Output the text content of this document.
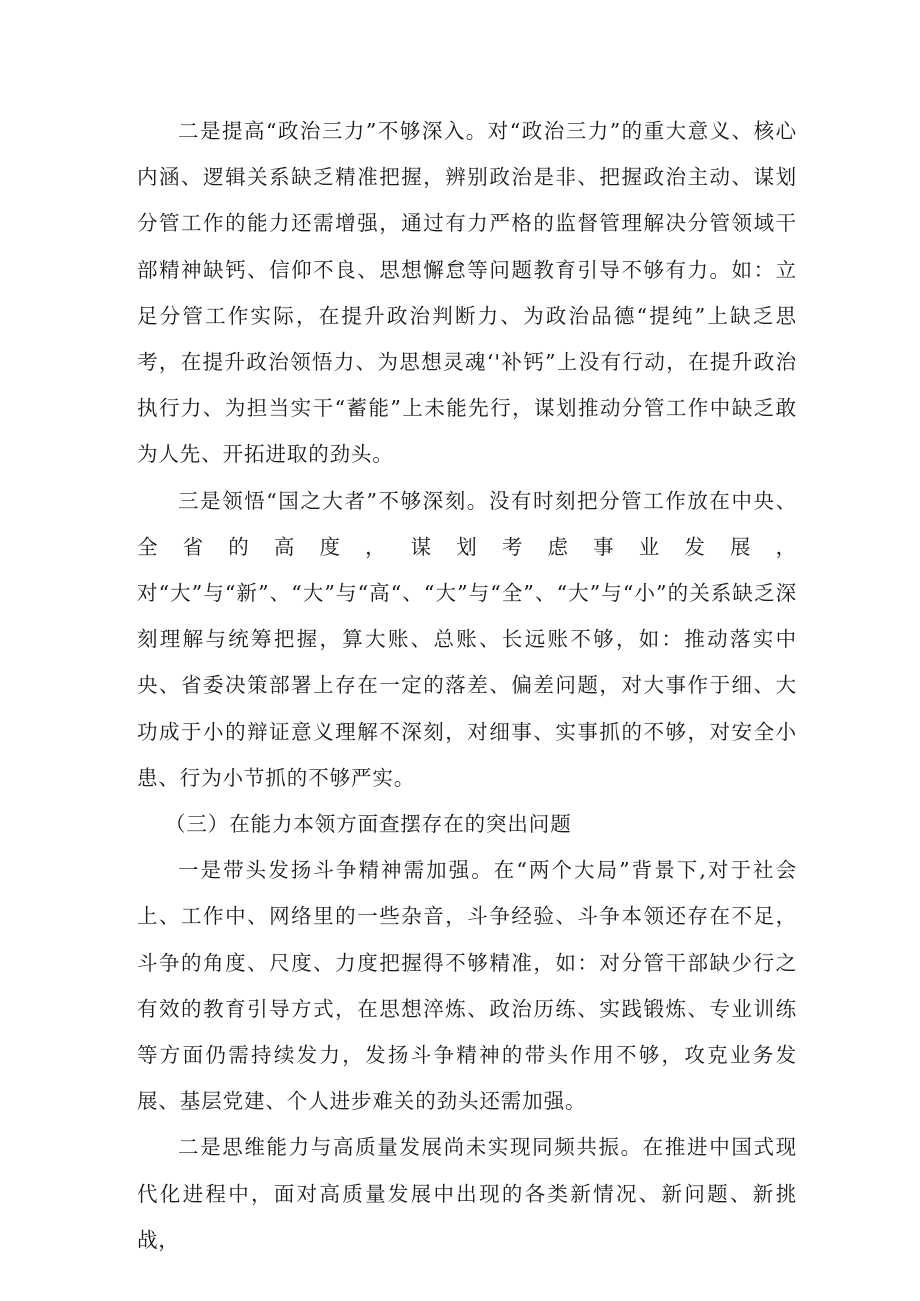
二是提高“政治三力”不够深入。对“政治三力”的重大意义、核心内涵、逻辑关系缺乏精准把握，辨别政治是非、把握政治主动、谋划分管工作的能力还需增强，通过有力严格的监督管理解决分管领域干部精神缺钙、信仰不良、思想懈怠等问题教育引导不够有力。如：立足分管工作实际，在提升政治判断力、为政治品德“提纯”上缺乏思考，在提升政治领悟力、为思想灵魂‘'补钙”上没有行动，在提升政治执行力、为担当实干“蓄能”上未能先行，谋划推动分管工作中缺乏敢为人先、开拓进取的劲头。

三是领悟“国之大者”不够深刻。没有时刻把分管工作放在中央、全省的高度，谋划考虑事业发展，对“大”与“新”、“大”与“高“、“大”与“全”、“大”与“小”的关系缺乏深刻理解与统筹把握，算大账、总账、长远账不够，如：推动落实中央、省委决策部署上存在一定的落差、偏差问题，对大事作于细、大功成于小的辩证意义理解不深刻，对细事、实事抓的不够，对安全小患、行为小节抓的不够严实。

（三）在能力本领方面查摆存在的突出问题

一是带头发扬斗争精神需加强。在“两个大局”背景下,对于社会上、工作中、网络里的一些杂音，斗争经验、斗争本领还存在不足，斗争的角度、尺度、力度把握得不够精准，如：对分管干部缺少行之有效的教育引导方式，在思想淬炼、政治历练、实践锻炼、专业训练等方面仍需持续发力，发扬斗争精神的带头作用不够，攻克业务发展、基层党建、个人进步难关的劲头还需加强。

二是思维能力与高质量发展尚未实现同频共振。在推进中国式现代化进程中，面对高质量发展中出现的各类新情况、新问题、新挑战，
